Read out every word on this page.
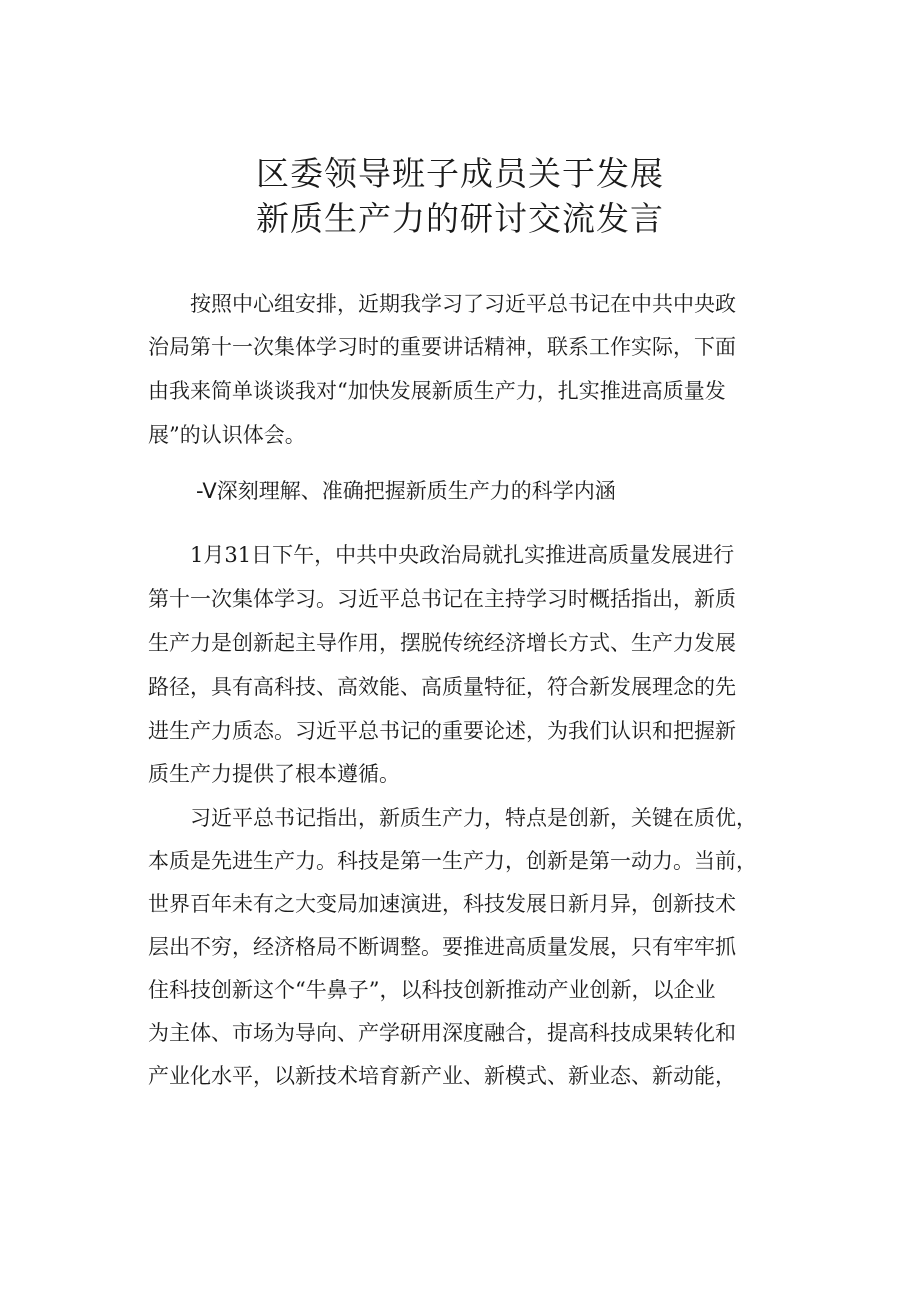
区委领导班子成员关于发展
新质生产力的研讨交流发言

　　按照中心组安排，近期我学习了习近平总书记在中共中央政

治局第十一次集体学习时的重要讲话精神，联系工作实际，下面

由我来简单谈谈我对“加快发展新质生产力，扎实推进高质量发

展”的认识体会。

-V深刻理解、准确把握新质生产力的科学内涵

　　1月31日下午，中共中央政治局就扎实推进高质量发展进行

第十一次集体学习。习近平总书记在主持学习时概括指出，新质

生产力是创新起主导作用，摆脱传统经济增长方式、生产力发展

路径，具有高科技、高效能、高质量特征，符合新发展理念的先

进生产力质态。习近平总书记的重要论述，为我们认识和把握新

质生产力提供了根本遵循。

　　习近平总书记指出，新质生产力，特点是创新，关键在质优，

本质是先进生产力。科技是第一生产力，创新是第一动力。当前，

世界百年未有之大变局加速演进，科技发展日新月异，创新技术

层出不穷，经济格局不断调整。要推进高质量发展，只有牢牢抓

住科技创新这个“牛鼻子”，以科技创新推动产业创新，以企业

为主体、市场为导向、产学研用深度融合，提高科技成果转化和

产业化水平，以新技术培育新产业、新模式、新业态、新动能，
